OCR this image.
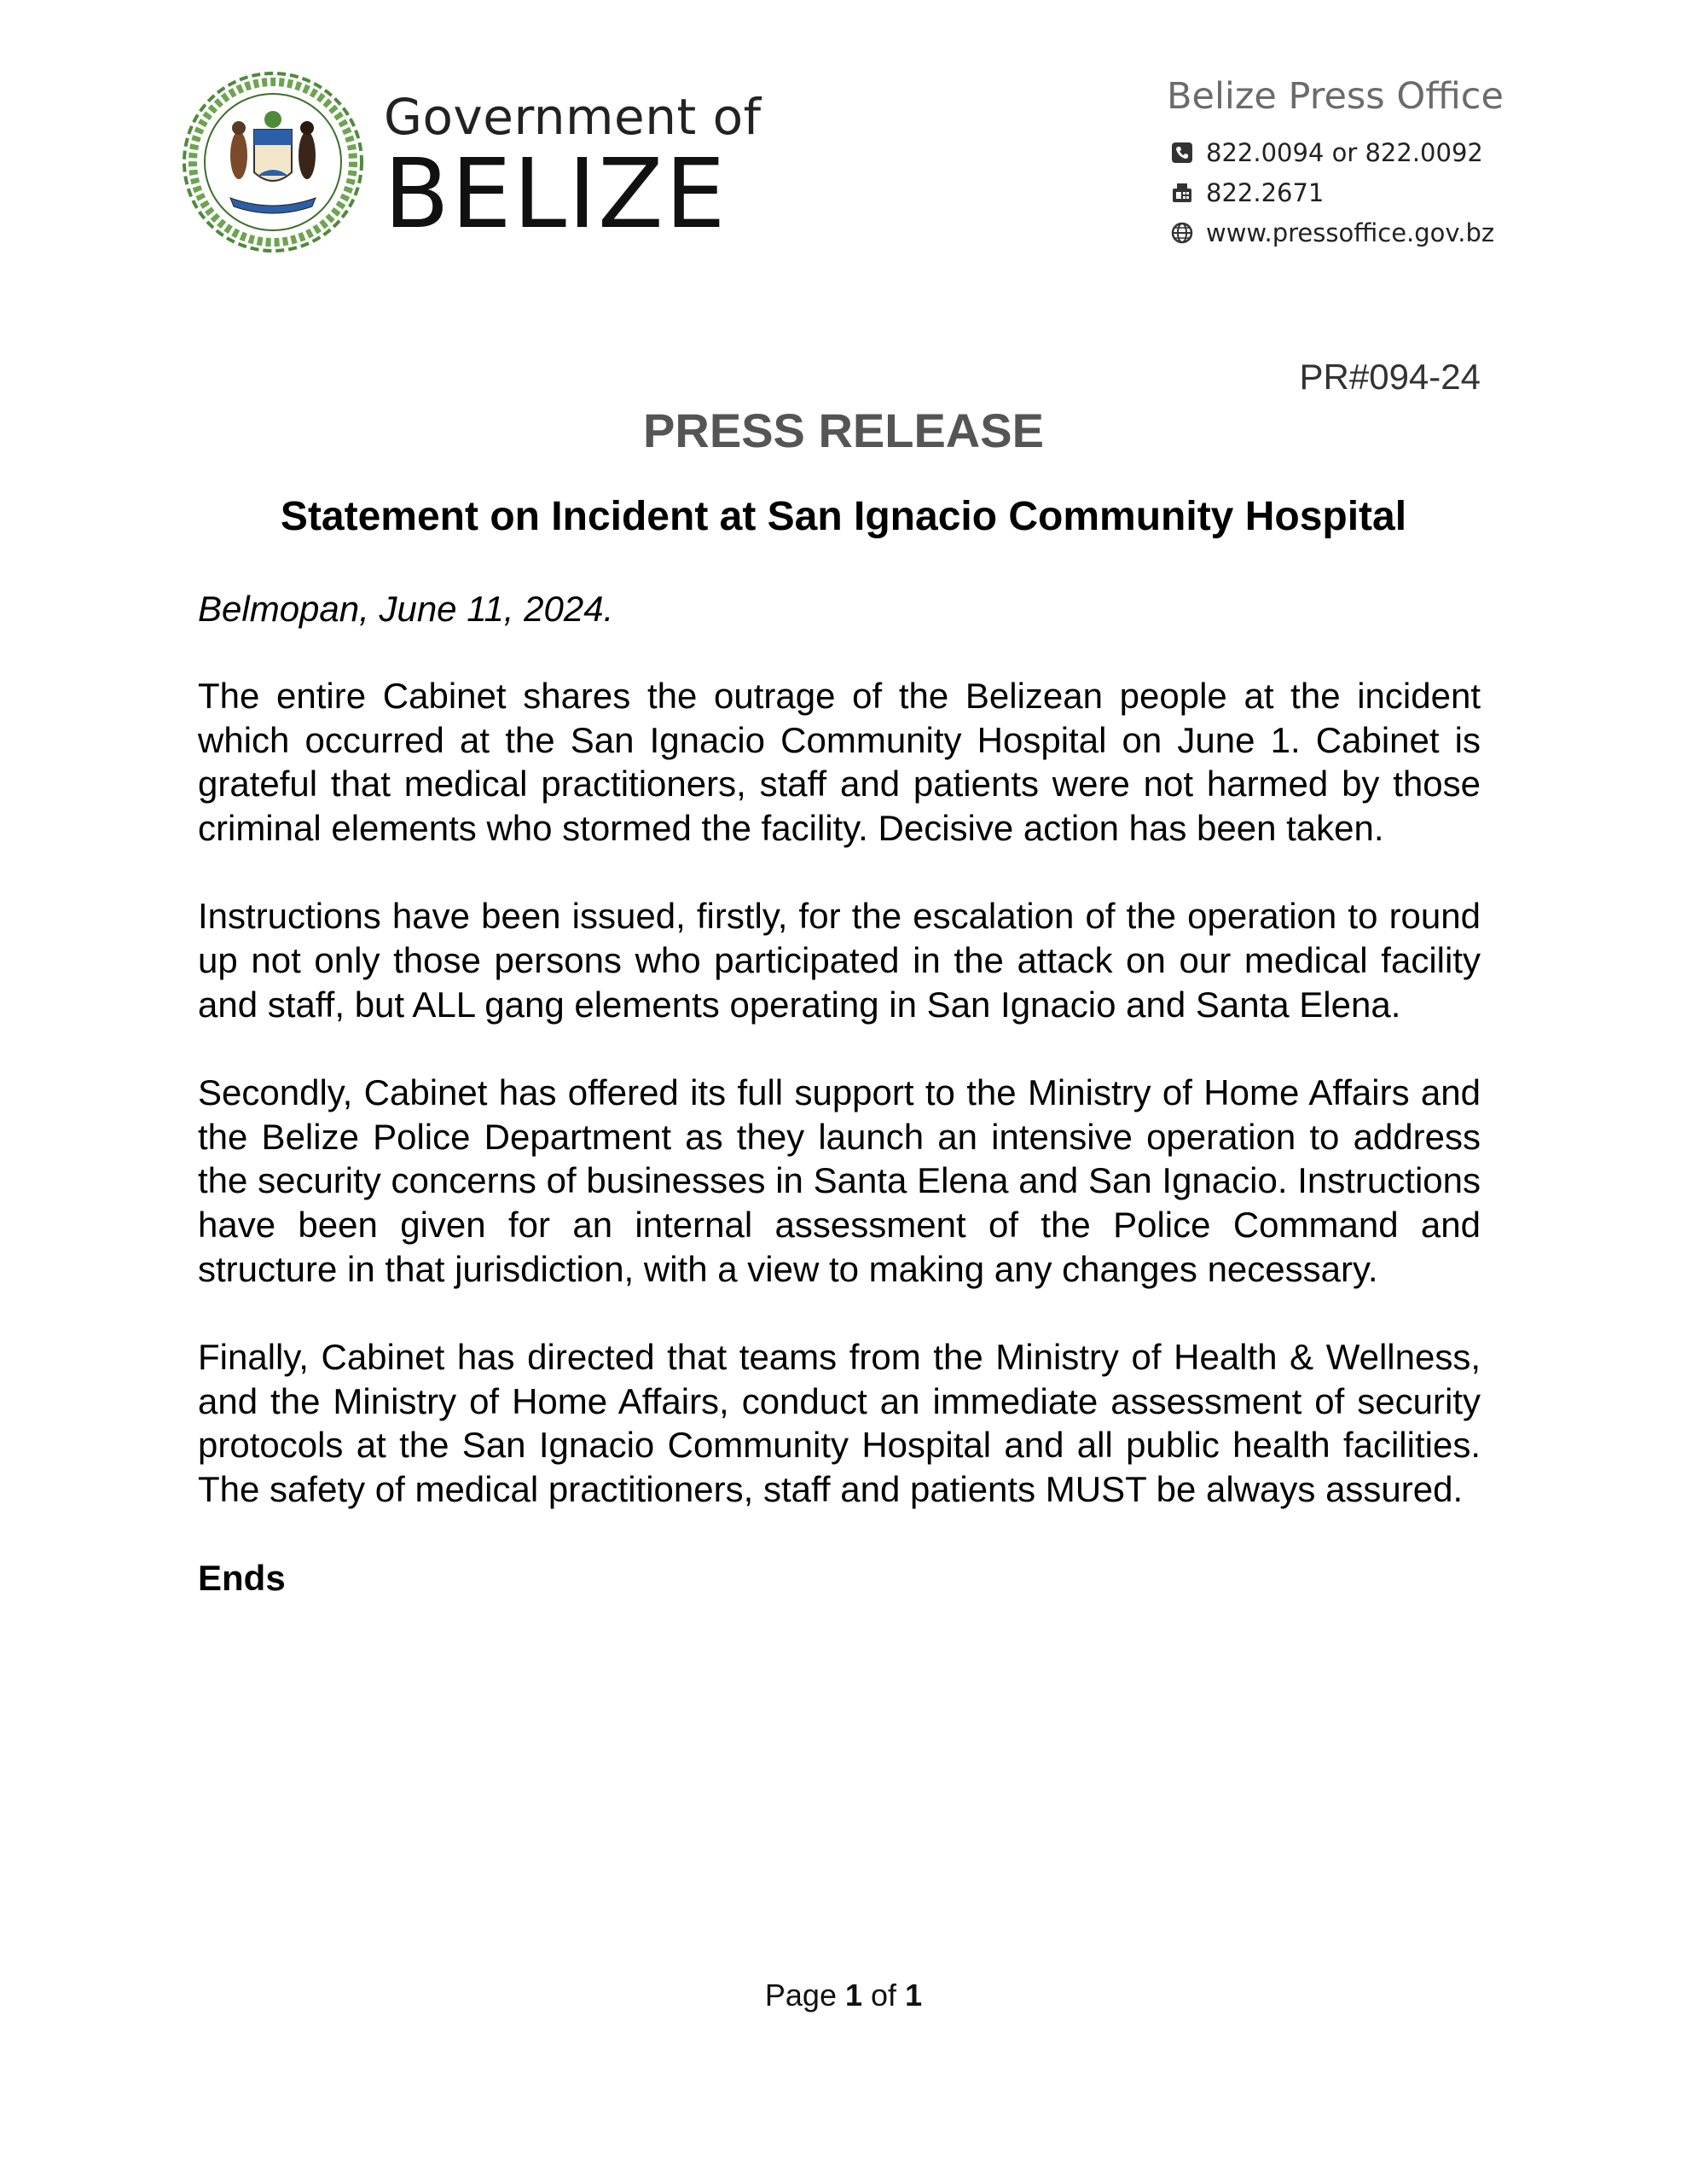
Government of
BELIZE
Belize Press Office
822.0094 or 822.0092
822.2671
www.pressoffice.gov.bz
PR#094-24
PRESS RELEASE
Statement on Incident at San Ignacio Community Hospital

Belmopan, June 11, 2024.

The entire Cabinet shares the outrage of the Belizean people at the incident which occurred at the San Ignacio Community Hospital on June 1. Cabinet is grateful that medical practitioners, staff and patients were not harmed by those criminal elements who stormed the facility. Decisive action has been taken.

Instructions have been issued, firstly, for the escalation of the operation to round up not only those persons who participated in the attack on our medical facility and staff, but ALL gang elements operating in San Ignacio and Santa Elena.

Secondly, Cabinet has offered its full support to the Ministry of Home Affairs and the Belize Police Department as they launch an intensive operation to address the security concerns of businesses in Santa Elena and San Ignacio. Instructions have been given for an internal assessment of the Police Command and structure in that jurisdiction, with a view to making any changes necessary.

Finally, Cabinet has directed that teams from the Ministry of Health & Wellness, and the Ministry of Home Affairs, conduct an immediate assessment of security protocols at the San Ignacio Community Hospital and all public health facilities. The safety of medical practitioners, staff and patients MUST be always assured.

Ends

Page 1 of 1
